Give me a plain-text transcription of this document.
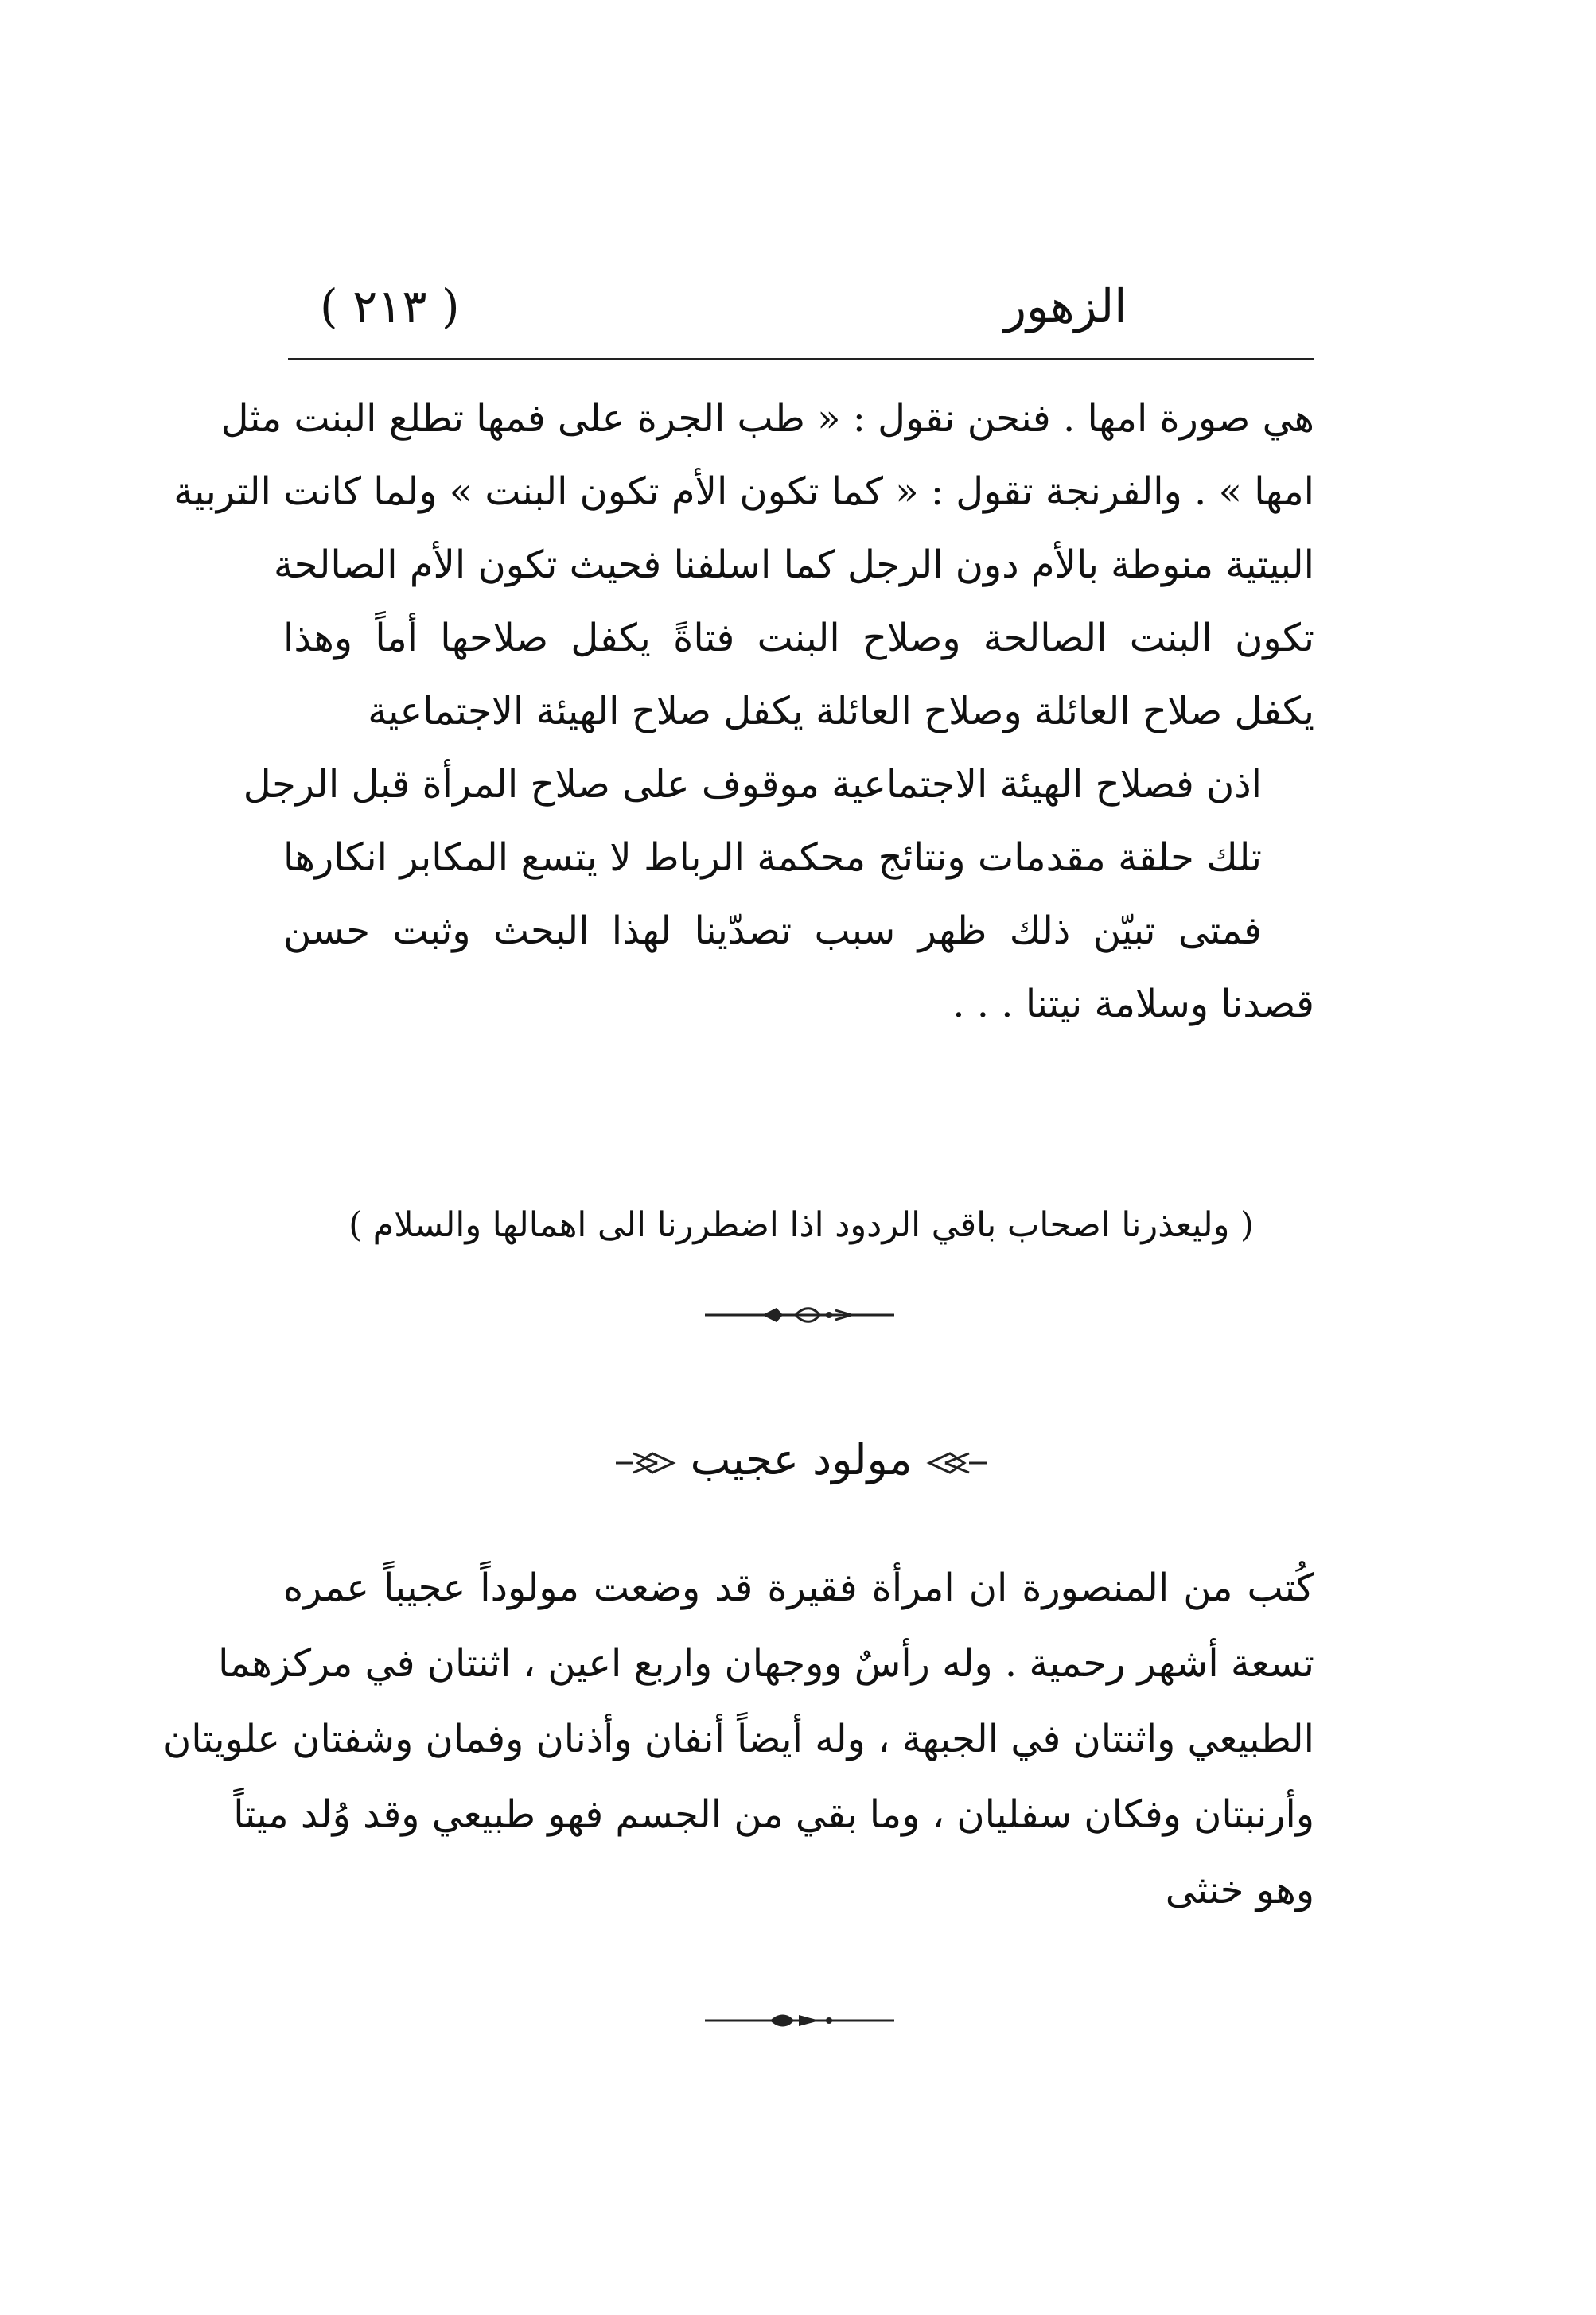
الزهور
( ٢١٣ )
هي صورة امها . فنحن نقول : « طب الجرة على فمها تطلع البنت مثل
امها » . والفرنجة تقول : « كما تكون الأم تكون البنت » ولما كانت التربية
البيتية منوطة بالأم دون الرجل كما اسلفنا فحيث تكون الأم الصالحة
تكون البنت الصالحة وصلاح البنت فتاةً يكفل صلاحها أماً وهذا
يكفل صلاح العائلة وصلاح العائلة يكفل صلاح الهيئة الاجتماعية
اذن فصلاح الهيئة الاجتماعية موقوف على صلاح المرأة قبل الرجل
تلك حلقة مقدمات ونتائج محكمة الرباط لا يتسع المكابر انكارها
فمتى تبيّن ذلك ظهر سبب تصدّينا لهذا البحث وثبت حسن
قصدنا وسلامة نيتنا . . .
( وليعذرنا اصحاب باقي الردود اذا اضطررنا الى اهمالها والسلام )
مولود عجيب
كُتب من المنصورة ان امرأة فقيرة قد وضعت مولوداً عجيباً عمره
تسعة أشهر رحمية . وله رأسٌ ووجهان واربع اعين ، اثنتان في مركزهما
الطبيعي واثنتان في الجبهة ، وله أيضاً أنفان وأذنان وفمان وشفتان علويتان
وأرنبتان وفكان سفليان ، وما بقي من الجسم فهو طبيعي وقد وُلد ميتاً
وهو خنثى
